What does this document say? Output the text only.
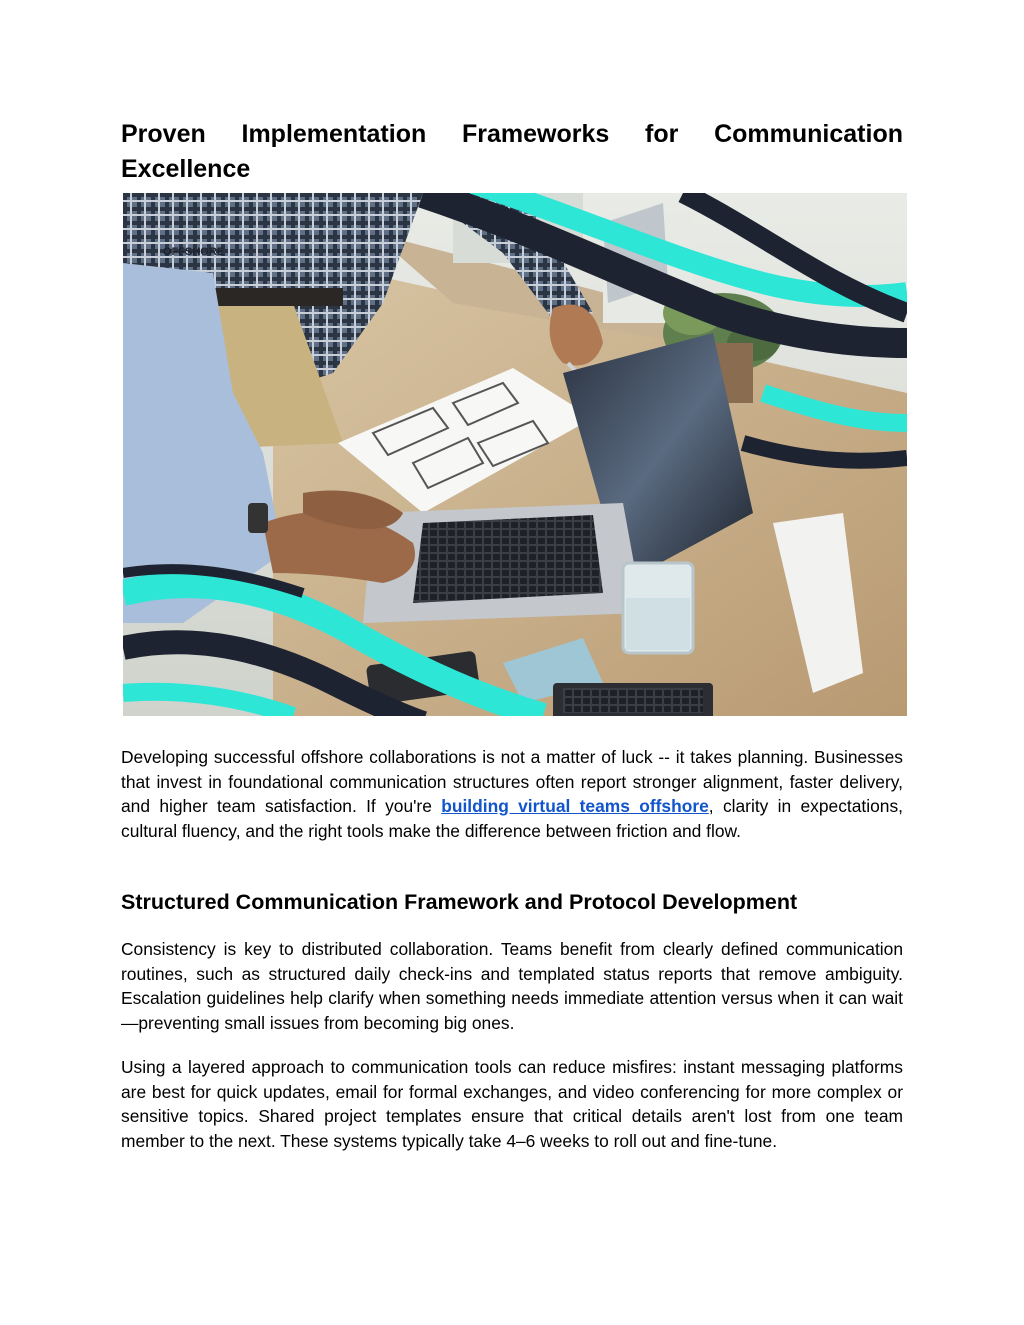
Proven Implementation Frameworks for Communication Excellence
OFFSHORE

Developing successful offshore collaborations is not a matter of luck -- it takes planning. Businesses that invest in foundational communication structures often report stronger alignment, faster delivery, and higher team satisfaction. If you're building virtual teams offshore, clarity in expectations, cultural fluency, and the right tools make the difference between friction and flow.

Structured Communication Framework and Protocol Development

Consistency is key to distributed collaboration. Teams benefit from clearly defined communication routines, such as structured daily check-ins and templated status reports that remove ambiguity. Escalation guidelines help clarify when something needs immediate attention versus when it can wait—preventing small issues from becoming big ones.

Using a layered approach to communication tools can reduce misfires: instant messaging platforms are best for quick updates, email for formal exchanges, and video conferencing for more complex or sensitive topics. Shared project templates ensure that critical details aren't lost from one team member to the next. These systems typically take 4–6 weeks to roll out and fine-tune.
